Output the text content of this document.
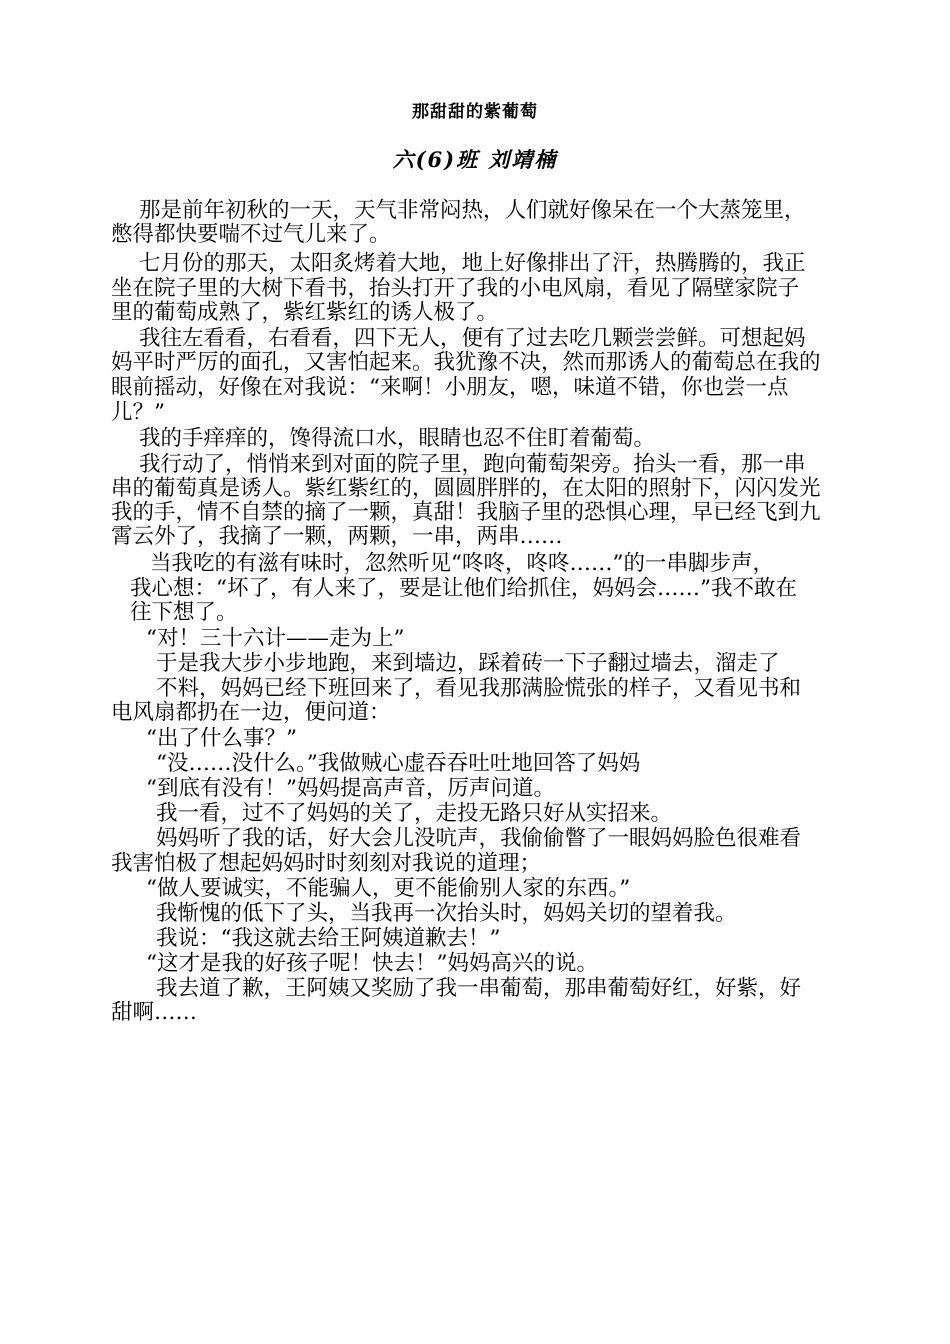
那甜甜的紫葡萄
六(6)班 刘靖楠
那是前年初秋的一天，天气非常闷热，人们就好像呆在一个大蒸笼里，
憋得都快要喘不过气儿来了。
七月份的那天，太阳炙烤着大地，地上好像排出了汗，热腾腾的，我正
坐在院子里的大树下看书，抬头打开了我的小电风扇，看见了隔壁家院子
里的葡萄成熟了，紫红紫红的诱人极了。
我往左看看，右看看，四下无人，便有了过去吃几颗尝尝鲜。可想起妈
妈平时严厉的面孔，又害怕起来。我犹豫不决，然而那诱人的葡萄总在我的
眼前摇动，好像在对我说：“来啊！小朋友，嗯，味道不错，你也尝一点
儿？”
我的手痒痒的，馋得流口水，眼睛也忍不住盯着葡萄。
我行动了，悄悄来到对面的院子里，跑向葡萄架旁。抬头一看，那一串
串的葡萄真是诱人。紫红紫红的，圆圆胖胖的，在太阳的照射下，闪闪发光
我的手，情不自禁的摘了一颗，真甜！我脑子里的恐惧心理，早已经飞到九
霄云外了，我摘了一颗，两颗，一串，两串……
当我吃的有滋有味时，忽然听见“咚咚，咚咚……”的一串脚步声，
我心想：“坏了，有人来了，要是让他们给抓住，妈妈会……”我不敢在
往下想了。
“对！三十六计——走为上”
于是我大步小步地跑，来到墙边，踩着砖一下子翻过墙去，溜走了
不料，妈妈已经下班回来了，看见我那满脸慌张的样子，又看见书和
电风扇都扔在一边，便问道：
“出了什么事？”
“没……没什么。”我做贼心虚吞吞吐吐地回答了妈妈
“到底有没有！”妈妈提高声音，厉声问道。
我一看，过不了妈妈的关了，走投无路只好从实招来。
妈妈听了我的话，好大会儿没吭声，我偷偷瞥了一眼妈妈脸色很难看
我害怕极了想起妈妈时时刻刻对我说的道理；
“做人要诚实，不能骗人，更不能偷别人家的东西。”
我惭愧的低下了头，当我再一次抬头时，妈妈关切的望着我。
我说：“我这就去给王阿姨道歉去！”
“这才是我的好孩子呢！快去！”妈妈高兴的说。
我去道了歉，王阿姨又奖励了我一串葡萄，那串葡萄好红，好紫，好
甜啊……
